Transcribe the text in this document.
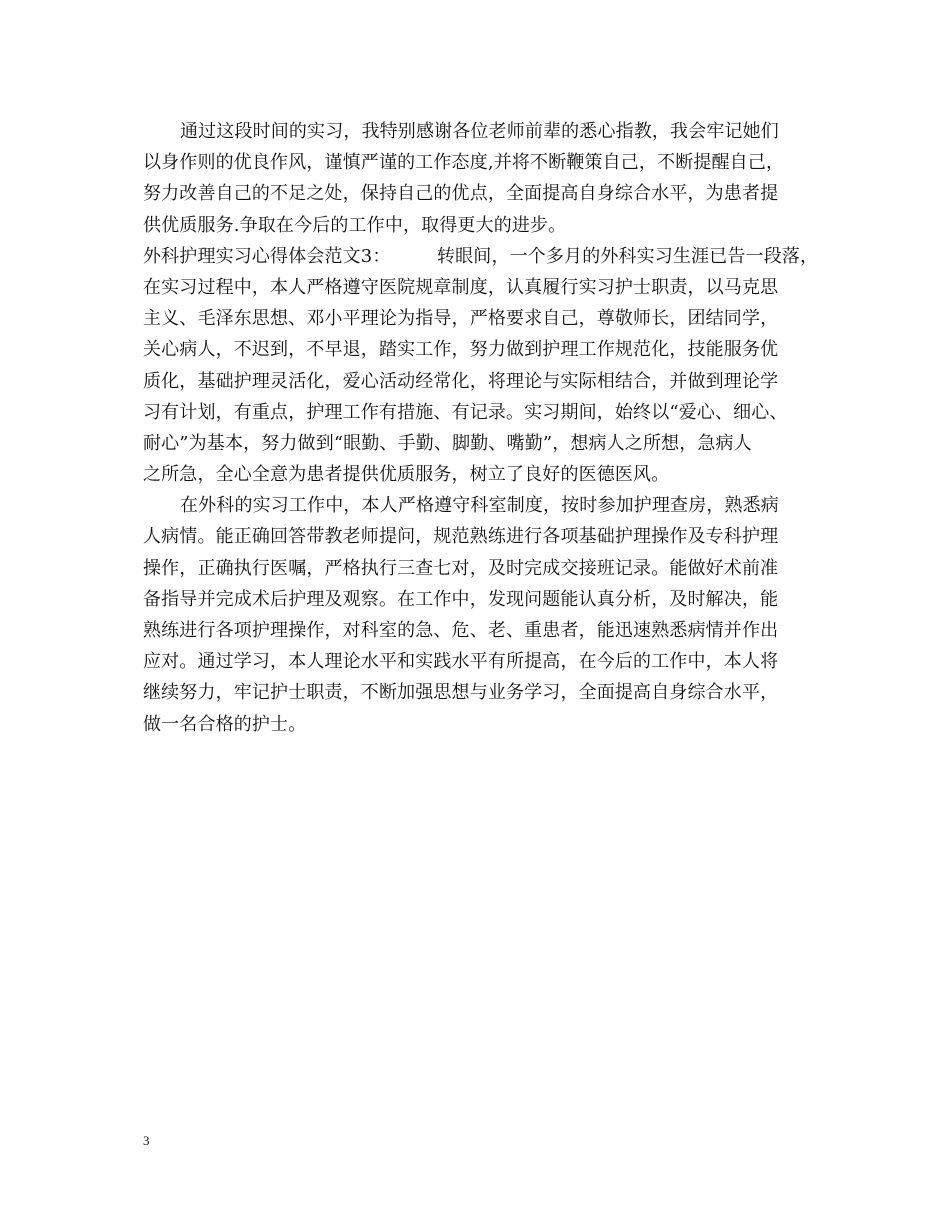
通过这段时间的实习，我特别感谢各位老师前辈的悉心指教，我会牢记她们
以身作则的优良作风，谨慎严谨的工作态度,并将不断鞭策自己，不断提醒自己，
努力改善自己的不足之处，保持自己的优点，全面提高自身综合水平，为患者提
供优质服务.争取在今后的工作中，取得更大的进步。
外科护理实习心得体会范文3：	转眼间，一个多月的外科实习生涯已告一段落，
在实习过程中，本人严格遵守医院规章制度，认真履行实习护士职责，以马克思
主义、毛泽东思想、邓小平理论为指导，严格要求自己，尊敬师长，团结同学，
关心病人，不迟到，不早退，踏实工作，努力做到护理工作规范化，技能服务优
质化，基础护理灵活化，爱心活动经常化，将理论与实际相结合，并做到理论学
习有计划，有重点，护理工作有措施、有记录。实习期间，始终以“爱心、细心、
耐心”为基本，努力做到“眼勤、手勤、脚勤、嘴勤”，想病人之所想，急病人
之所急，全心全意为患者提供优质服务，树立了良好的医德医风。
在外科的实习工作中，本人严格遵守科室制度，按时参加护理查房，熟悉病
人病情。能正确回答带教老师提问，规范熟练进行各项基础护理操作及专科护理
操作，正确执行医嘱，严格执行三查七对，及时完成交接班记录。能做好术前准
备指导并完成术后护理及观察。在工作中，发现问题能认真分析，及时解决，能
熟练进行各项护理操作，对科室的急、危、老、重患者，能迅速熟悉病情并作出
应对。通过学习，本人理论水平和实践水平有所提高，在今后的工作中，本人将
继续努力，牢记护士职责，不断加强思想与业务学习，全面提高自身综合水平，
做一名合格的护士。
3
